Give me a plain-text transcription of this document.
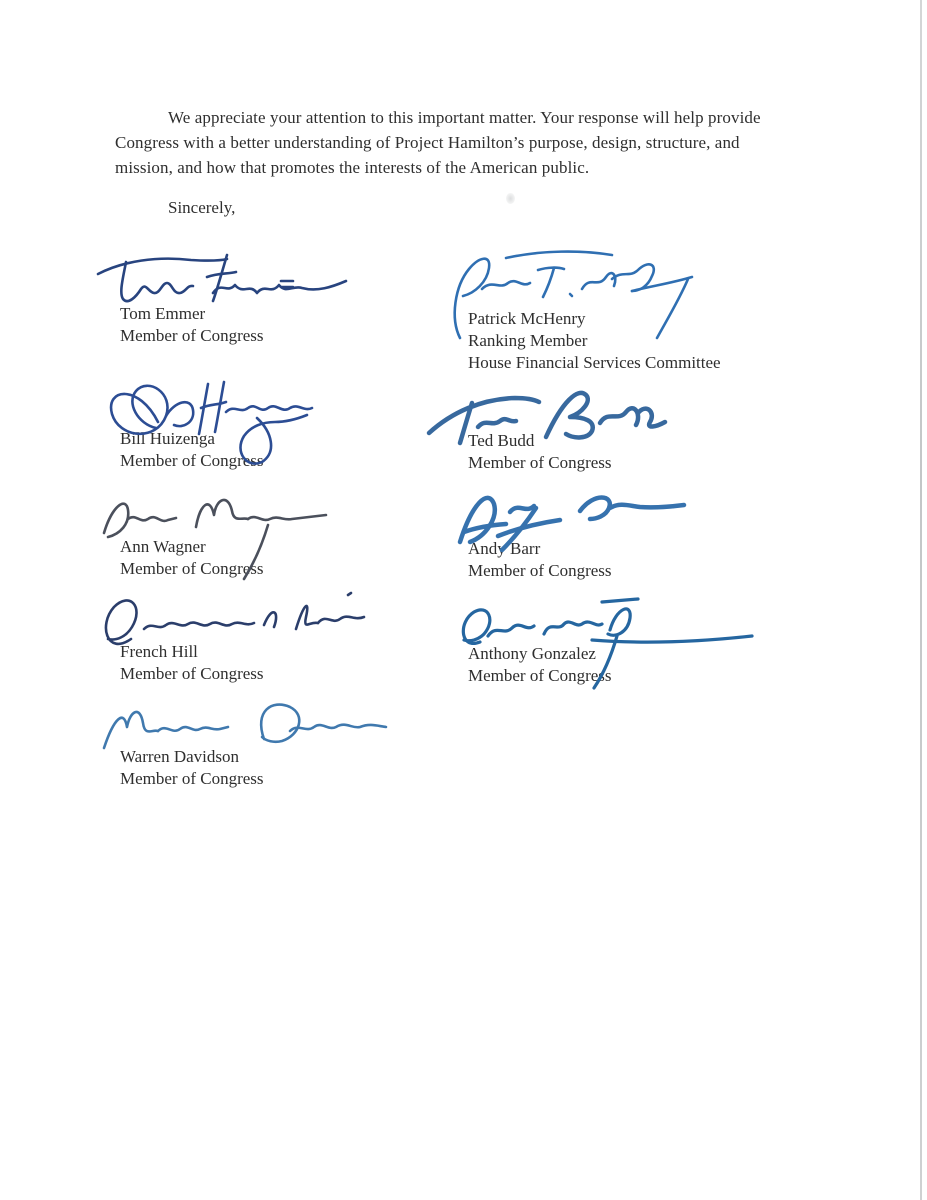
We appreciate your attention to this important matter. Your response will help provide
Congress with a better understanding of Project Hamilton’s purpose, design, structure, and
mission, and how that promotes the interests of the American public.
Sincerely,
Tom Emmer
Member of Congress
Bill Huizenga
Member of Congress
Ann Wagner
Member of Congress
French Hill
Member of Congress
Warren Davidson
Member of Congress
Patrick McHenry
Ranking Member
House Financial Services Committee
Ted Budd
Member of Congress
Andy Barr
Member of Congress
Anthony Gonzalez
Member of Congress
